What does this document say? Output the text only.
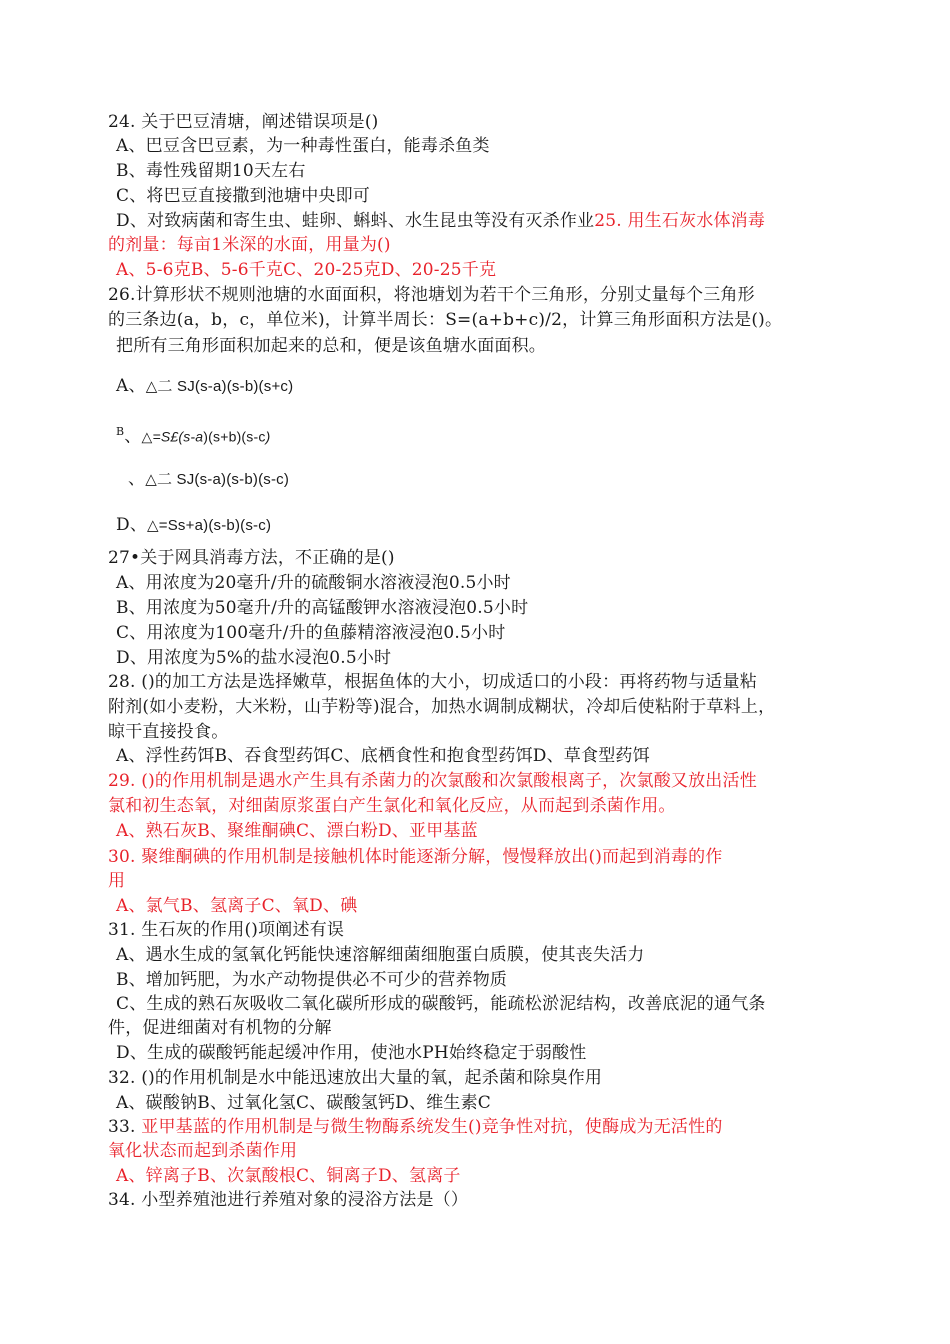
24. 关于巴豆清塘，阐述错误项是()
A、巴豆含巴豆素，为一种毒性蛋白，能毒杀鱼类
B、毒性残留期10天左右
C、将巴豆直接撒到池塘中央即可
D、对致病菌和寄生虫、蛙卵、蝌蚪、水生昆虫等没有灭杀作业25. 用生石灰水体消毒
的剂量：每亩1米深的水面，用量为()
A、5-6克B、5-6千克C、20-25克D、20-25千克
26.计算形状不规则池塘的水面面积，将池塘划为若干个三角形，分别丈量每个三角形
的三条边(a，b，c，单位米)，计算半周长：S=(a+b+c)/2，计算三角形面积方法是()。
把所有三角形面积加起来的总和，便是该鱼塘水面面积。
A、△二 SJ(s-a)(s-b)(s+c)
$^B$、△=S£(s-a)(s+b)(s-c)
、△二 SJ(s-a)(s-b)(s-c)
D、△=Ss+a)(s-b)(s-c)
27•关于网具消毒方法，不正确的是()
A、用浓度为20毫升/升的硫酸铜水溶液浸泡0.5小时
B、用浓度为50毫升/升的高锰酸钾水溶液浸泡0.5小时
C、用浓度为100毫升/升的鱼藤精溶液浸泡0.5小时
D、用浓度为5%的盐水浸泡0.5小时
28. ()的加工方法是选择嫩草，根据鱼体的大小，切成适口的小段：再将药物与适量粘
附剂(如小麦粉，大米粉，山芋粉等)混合，加热水调制成糊状，冷却后使粘附于草料上，
晾干直接投食。
A、浮性药饵B、吞食型药饵C、底栖食性和抱食型药饵D、草食型药饵
29. ()的作用机制是遇水产生具有杀菌力的次氯酸和次氯酸根离子，次氯酸又放出活性
氯和初生态氧，对细菌原浆蛋白产生氯化和氧化反应，从而起到杀菌作用。
A、熟石灰B、聚维酮碘C、漂白粉D、亚甲基蓝
30. 聚维酮碘的作用机制是接触机体时能逐渐分解，慢慢释放出()而起到消毒的作
用
A、氯气B、氢离子C、氧D、碘
31. 生石灰的作用()项阐述有误
A、遇水生成的氢氧化钙能快速溶解细菌细胞蛋白质膜，使其丧失活力
B、增加钙肥，为水产动物提供必不可少的营养物质
C、生成的熟石灰吸收二氧化碳所形成的碳酸钙，能疏松淤泥结构，改善底泥的通气条
件，促进细菌对有机物的分解
D、生成的碳酸钙能起缓冲作用，使池水PH始终稳定于弱酸性
32. ()的作用机制是水中能迅速放出大量的氧，起杀菌和除臭作用
A、碳酸钠B、过氧化氢C、碳酸氢钙D、维生素C
33. 亚甲基蓝的作用机制是与微生物酶系统发生()竞争性对抗，使酶成为无活性的
氧化状态而起到杀菌作用
A、锌离子B、次氯酸根C、铜离子D、氢离子
34. 小型养殖池进行养殖对象的浸浴方法是（）
